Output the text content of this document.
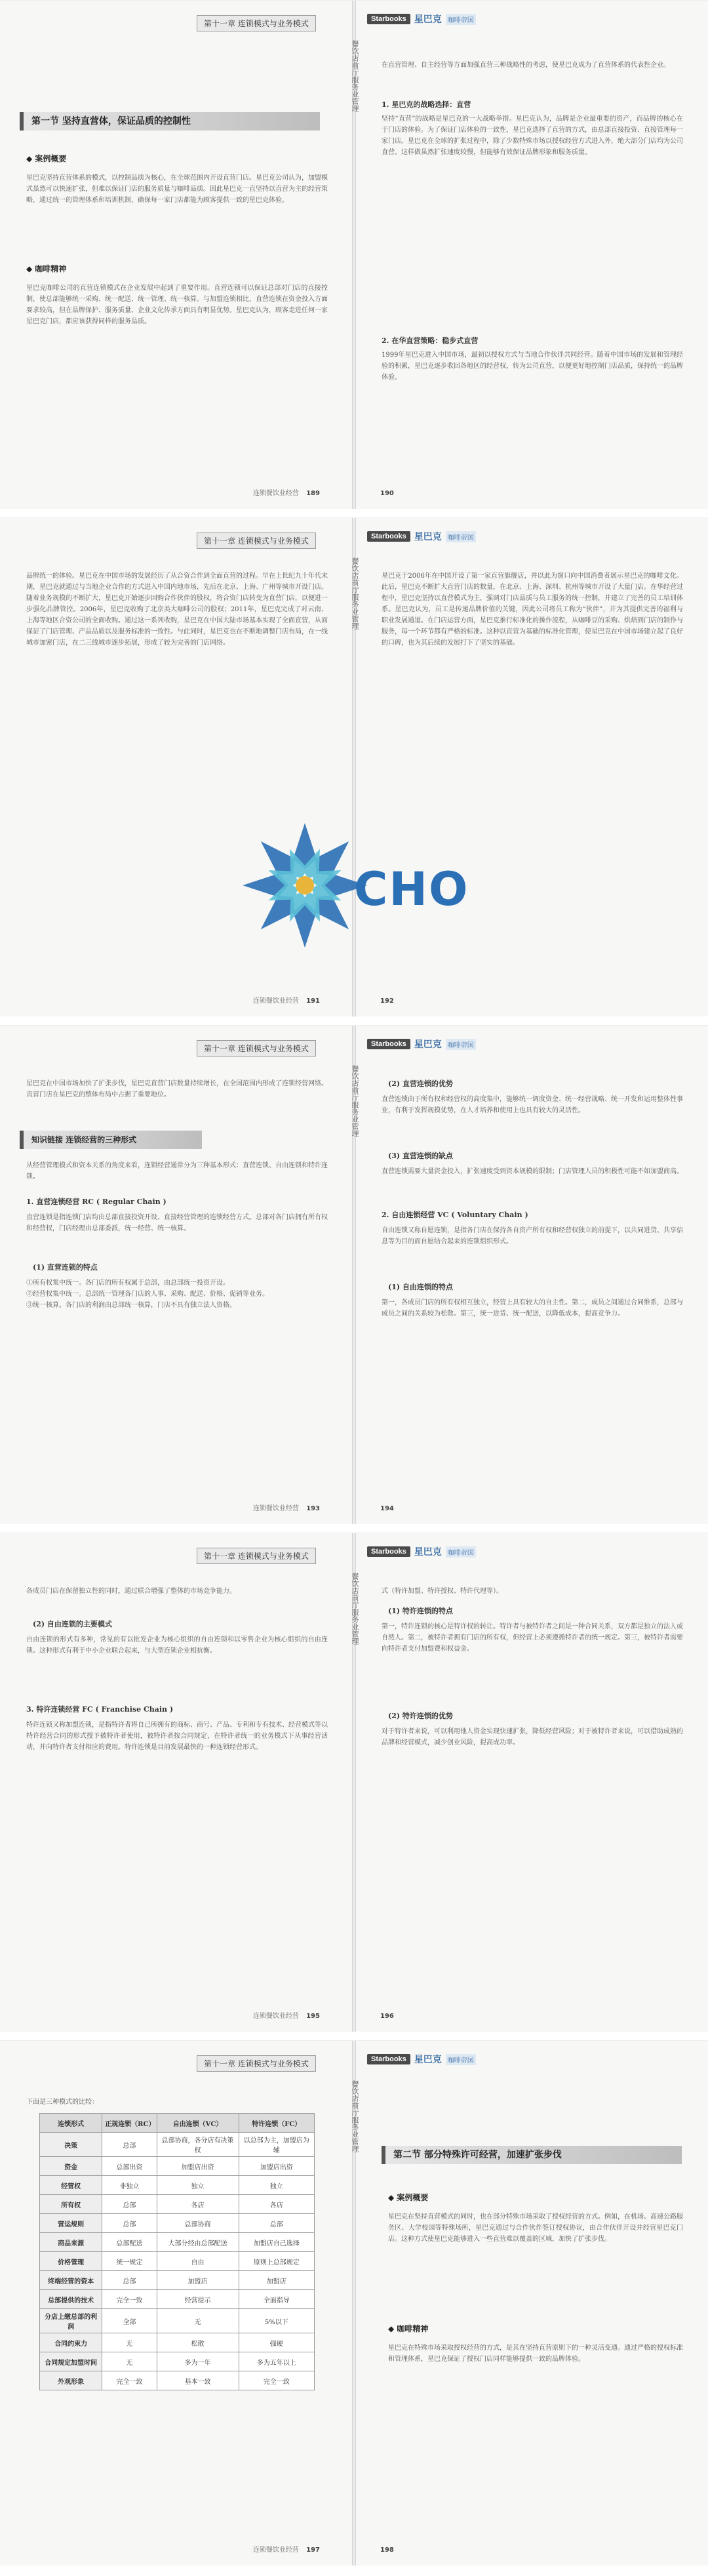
第十一章 连锁模式与业务模式
第一节 坚持直营体，保证品质的控制性
◆ 案例概要
星巴克坚持直营体系的模式，以控制品质为核心，在全球范围内开设直营门店。星巴克公司认为，加盟模式虽然可以快速扩张，但难以保证门店的服务质量与咖啡品质。因此星巴克一直坚持以直营为主的经营策略，通过统一的管理体系和培训机制，确保每一家门店都能为顾客提供一致的星巴克体验。
◆ 咖啡精神
星巴克咖啡公司的直营连锁模式在企业发展中起到了重要作用。直营连锁可以保证总部对门店的直接控制，使总部能够统一采购、统一配送、统一管理、统一核算。与加盟连锁相比，直营连锁在资金投入方面要求较高，但在品牌保护、服务质量、企业文化传承方面具有明显优势。星巴克认为，顾客走进任何一家星巴克门店，都应该获得同样的服务品质。
连锁餐饮业经营 189
Starbooks 星巴克 咖啡帝国
在直营管理、自主经营等方面加强直营三种战略性的考虑，使星巴克成为了直营体系的代表性企业。
1. 星巴克的战略选择：直营
坚持“直营”的战略是星巴克的一大战略举措。星巴克认为，品牌是企业最重要的资产，而品牌的核心在于门店的体验。为了保证门店体验的一致性，星巴克选择了直营的方式，由总部直接投资、直接管理每一家门店。星巴克在全球的扩张过程中，除了少数特殊市场以授权经营方式进入外，绝大部分门店均为公司直营。这样做虽然扩张速度较慢，但能够有效保证品牌形象和服务质量。
2. 在华直营策略：稳步式直营
1999年星巴克进入中国市场，最初以授权方式与当地合作伙伴共同经营。随着中国市场的发展和管理经验的积累，星巴克逐步收回各地区的经营权，转为公司直营，以便更好地控制门店品质，保持统一的品牌体验。
190
餐饮店前厅服务业管理
第十一章 连锁模式与业务模式
品牌统一的体验。星巴克在中国市场的发展经历了从合资合作到全面直营的过程。早在上世纪九十年代末期，星巴克就通过与当地企业合作的方式进入中国内地市场，先后在北京、上海、广州等城市开设门店。随着业务规模的不断扩大，星巴克开始逐步回购合作伙伴的股权，将合资门店转变为直营门店，以便进一步强化品牌管控。2006年，星巴克收购了北京美大咖啡公司的股权；2011年，星巴克完成了对云南、上海等地区合资公司的全面收购。通过这一系列收购，星巴克在中国大陆市场基本实现了全面直营，从而保证了门店管理、产品品质以及服务标准的一致性。与此同时，星巴克也在不断地调整门店布局，在一线城市加密门店，在二三线城市逐步拓展，形成了较为完善的门店网络。
连锁餐饮业经营 191
Starbooks 星巴克 咖啡帝国
星巴克于2006年在中国开设了第一家直营旗舰店，并以此为窗口向中国消费者展示星巴克的咖啡文化。此后，星巴克不断扩大直营门店的数量，在北京、上海、深圳、杭州等城市开设了大量门店。在华经营过程中，星巴克坚持以直营模式为主，强调对门店品质与员工服务的统一控制，并建立了完善的员工培训体系。星巴克认为，员工是传递品牌价值的关键，因此公司将员工称为“伙伴”，并为其提供完善的福利与职业发展通道。在门店运营方面，星巴克推行标准化的操作流程，从咖啡豆的采购、烘焙到门店的制作与服务，每一个环节都有严格的标准。这种以直营为基础的标准化管理，使星巴克在中国市场建立起了良好的口碑，也为其后续的发展打下了坚实的基础。
192
餐饮店前厅服务业管理
第十一章 连锁模式与业务模式
星巴克在中国市场加快了扩张步伐，星巴克直营门店数量持续增长，在全国范围内形成了连锁经营网络。直营门店在星巴克的整体布局中占据了重要地位。
知识链接 连锁经营的三种形式
从经营管理模式和资本关系的角度来看，连锁经营通常分为三种基本形式：直营连锁、自由连锁和特许连锁。
1. 直营连锁经营 RC ( Regular Chain )
直营连锁是指连锁门店均由总部直接投资开设、直接经营管理的连锁经营方式。总部对各门店拥有所有权和经营权，门店经理由总部委派，统一经营、统一核算。
(1) 直营连锁的特点
①所有权集中统一。各门店的所有权属于总部，由总部统一投资开设。
②经营权集中统一。总部统一管理各门店的人事、采购、配送、价格、促销等业务。
③统一核算。各门店的利润由总部统一核算，门店不具有独立法人资格。
连锁餐饮业经营 193
Starbooks 星巴克 咖啡帝国
(2) 直营连锁的优势
直营连锁由于所有权和经营权的高度集中，能够统一调度资金、统一经营战略、统一开发和运用整体性事业，有利于发挥规模优势，在人才培养和使用上也具有较大的灵活性。
(3) 直营连锁的缺点
直营连锁需要大量资金投入，扩张速度受到资本规模的限制；门店管理人员的积极性可能不如加盟商高。
2. 自由连锁经营 VC ( Voluntary Chain )
自由连锁又称自愿连锁，是指各门店在保持各自资产所有权和经营权独立的前提下，以共同进货、共享信息等为目的而自愿结合起来的连锁组织形式。
(1) 自由连锁的特点
第一，各成员门店的所有权相互独立，经营上具有较大的自主性。第二，成员之间通过合同维系，总部与成员之间的关系较为松散。第三，统一进货、统一配送，以降低成本，提高竞争力。
194
餐饮店前厅服务业管理
CHO
第十一章 连锁模式与业务模式
各成员门店在保留独立性的同时，通过联合增强了整体的市场竞争能力。
(2) 自由连锁的主要模式
自由连锁的形式有多种，常见的有以批发企业为核心组织的自由连锁和以零售企业为核心组织的自由连锁。这种形式有利于中小企业联合起来，与大型连锁企业相抗衡。
3. 特许连锁经营 FC ( Franchise Chain )
特许连锁又称加盟连锁，是指特许者将自己所拥有的商标、商号、产品、专利和专有技术、经营模式等以特许经营合同的形式授予被特许者使用，被特许者按合同规定，在特许者统一的业务模式下从事经营活动，并向特许者支付相应的费用。特许连锁是目前发展最快的一种连锁经营形式。
连锁餐饮业经营 195
Starbooks 星巴克 咖啡帝国
式（特许加盟、特许授权、特许代理等）。
(1) 特许连锁的特点
第一，特许连锁的核心是特许权的转让。特许者与被特许者之间是一种合同关系，双方都是独立的法人或自然人。第二，被特许者拥有门店的所有权，但经营上必须遵循特许者的统一规定。第三，被特许者需要向特许者支付加盟费和权益金。
(2) 特许连锁的优势
对于特许者来说，可以利用他人资金实现快速扩张，降低经营风险；对于被特许者来说，可以借助成熟的品牌和经营模式，减少创业风险，提高成功率。
196
餐饮店前厅服务业管理
第十一章 连锁模式与业务模式
下面是三种模式的比较：
连锁形式	正规连锁（RC）	自由连锁（VC）	特许连锁（FC）
决策	总部	总部协商，各分店有决策权	以总部为主，加盟店为辅
资金	总部出资	加盟店出资	加盟店出资
经营权	非独立	独立	独立
所有权	总部	各店	各店
营运规则	总部	总部协商	总部
商品来源	总部配送	大部分经由总部配送	加盟店自己选择
价格管理	统一规定	自由	原则上总部规定
终端经营的资本	总部	加盟店	加盟店
总部提供的技术	完全一致	经营提示	全面指导
分店上缴总部的利润	全部	无	5%以下
合同约束力	无	松散	强硬
合同规定加盟时间	无	多为一年	多为五年以上
外观形象	完全一致	基本一致	完全一致
连锁餐饮业经营 197
Starbooks 星巴克 咖啡帝国
第二节 部分特殊许可经营，加速扩张步伐
◆ 案例概要
星巴克在坚持直营模式的同时，也在部分特殊市场采取了授权经营的方式。例如，在机场、高速公路服务区、大学校园等特殊场所，星巴克通过与合作伙伴签订授权协议，由合作伙伴开设并经营星巴克门店。这种方式使星巴克能够进入一些直营难以覆盖的区域，加快了扩张步伐。
◆ 咖啡精神
星巴克在特殊市场采取授权经营的方式，是其在坚持直营原则下的一种灵活变通。通过严格的授权标准和管理体系，星巴克保证了授权门店同样能够提供一致的品牌体验。
198
餐饮店前厅服务业管理
